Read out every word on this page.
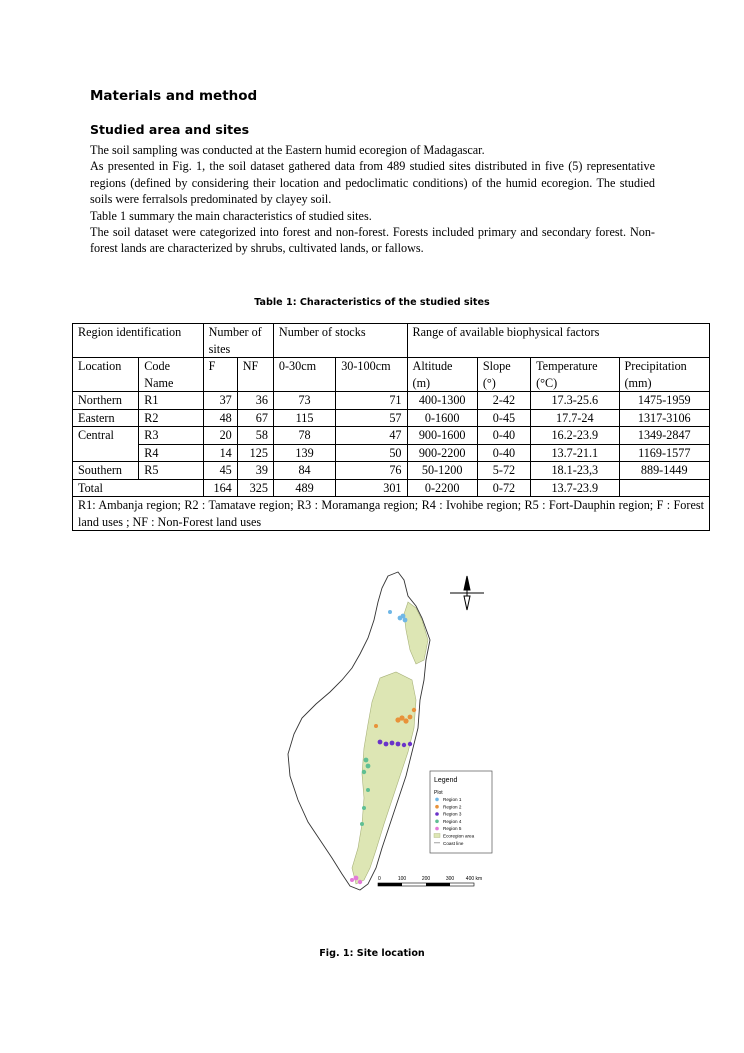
Materials and method
Studied area and sites

The soil sampling was conducted at the Eastern humid ecoregion of Madagascar.

As presented in Fig. 1, the soil dataset gathered data from 489 studied sites distributed in five (5) representative regions (defined by considering their location and pedoclimatic conditions) of the humid ecoregion. The studied soils were ferralsols predominated by clayey soil.

Table 1 summary the main characteristics of studied sites.

The soil dataset were categorized into forest and non-forest. Forests included primary and secondary forest. Non-forest lands are characterized by shrubs, cultivated lands, or fallows.

Table 1: Characteristics of the studied sites
Region identification		Number of sites		Number of stocks		Range of available biophysical factors			
Location	Code Name	F	NF	0-30cm	30-100cm	Altitude (m)	Slope (°)	Temperature (°C)	Precipitation (mm)
Northern	R1	37	36	73	71	400-1300	2-42	17.3-25.6	1475-1959
Eastern	R2	48	67	115	57	0-1600	0-45	17.7-24	1317-3106
Central	R3	20	58	78	47	900-1600	0-40	16.2-23.9	1349-2847
	R4	14	125	139	50	900-2200	0-40	13.7-21.1	1169-1577
Southern	R5	45	39	84	76	50-1200	5-72	18.1-23,3	889-1449
Total		164	325	489	301	0-2200	0-72	13.7-23.9	
R1: Ambanja region; R2 : Tamatave region; R3 : Moramanga region; R4 : Ivohibe region; R5 : Fort-Dauphin region; F : Forest land uses ; NF : Non-Forest land uses									
Legend
Plot
Region 1
Region 2
Region 3
Region 4
Region 5
Ecoregion area
Coast line
0	100	200	300 400 km
Fig. 1: Site location
